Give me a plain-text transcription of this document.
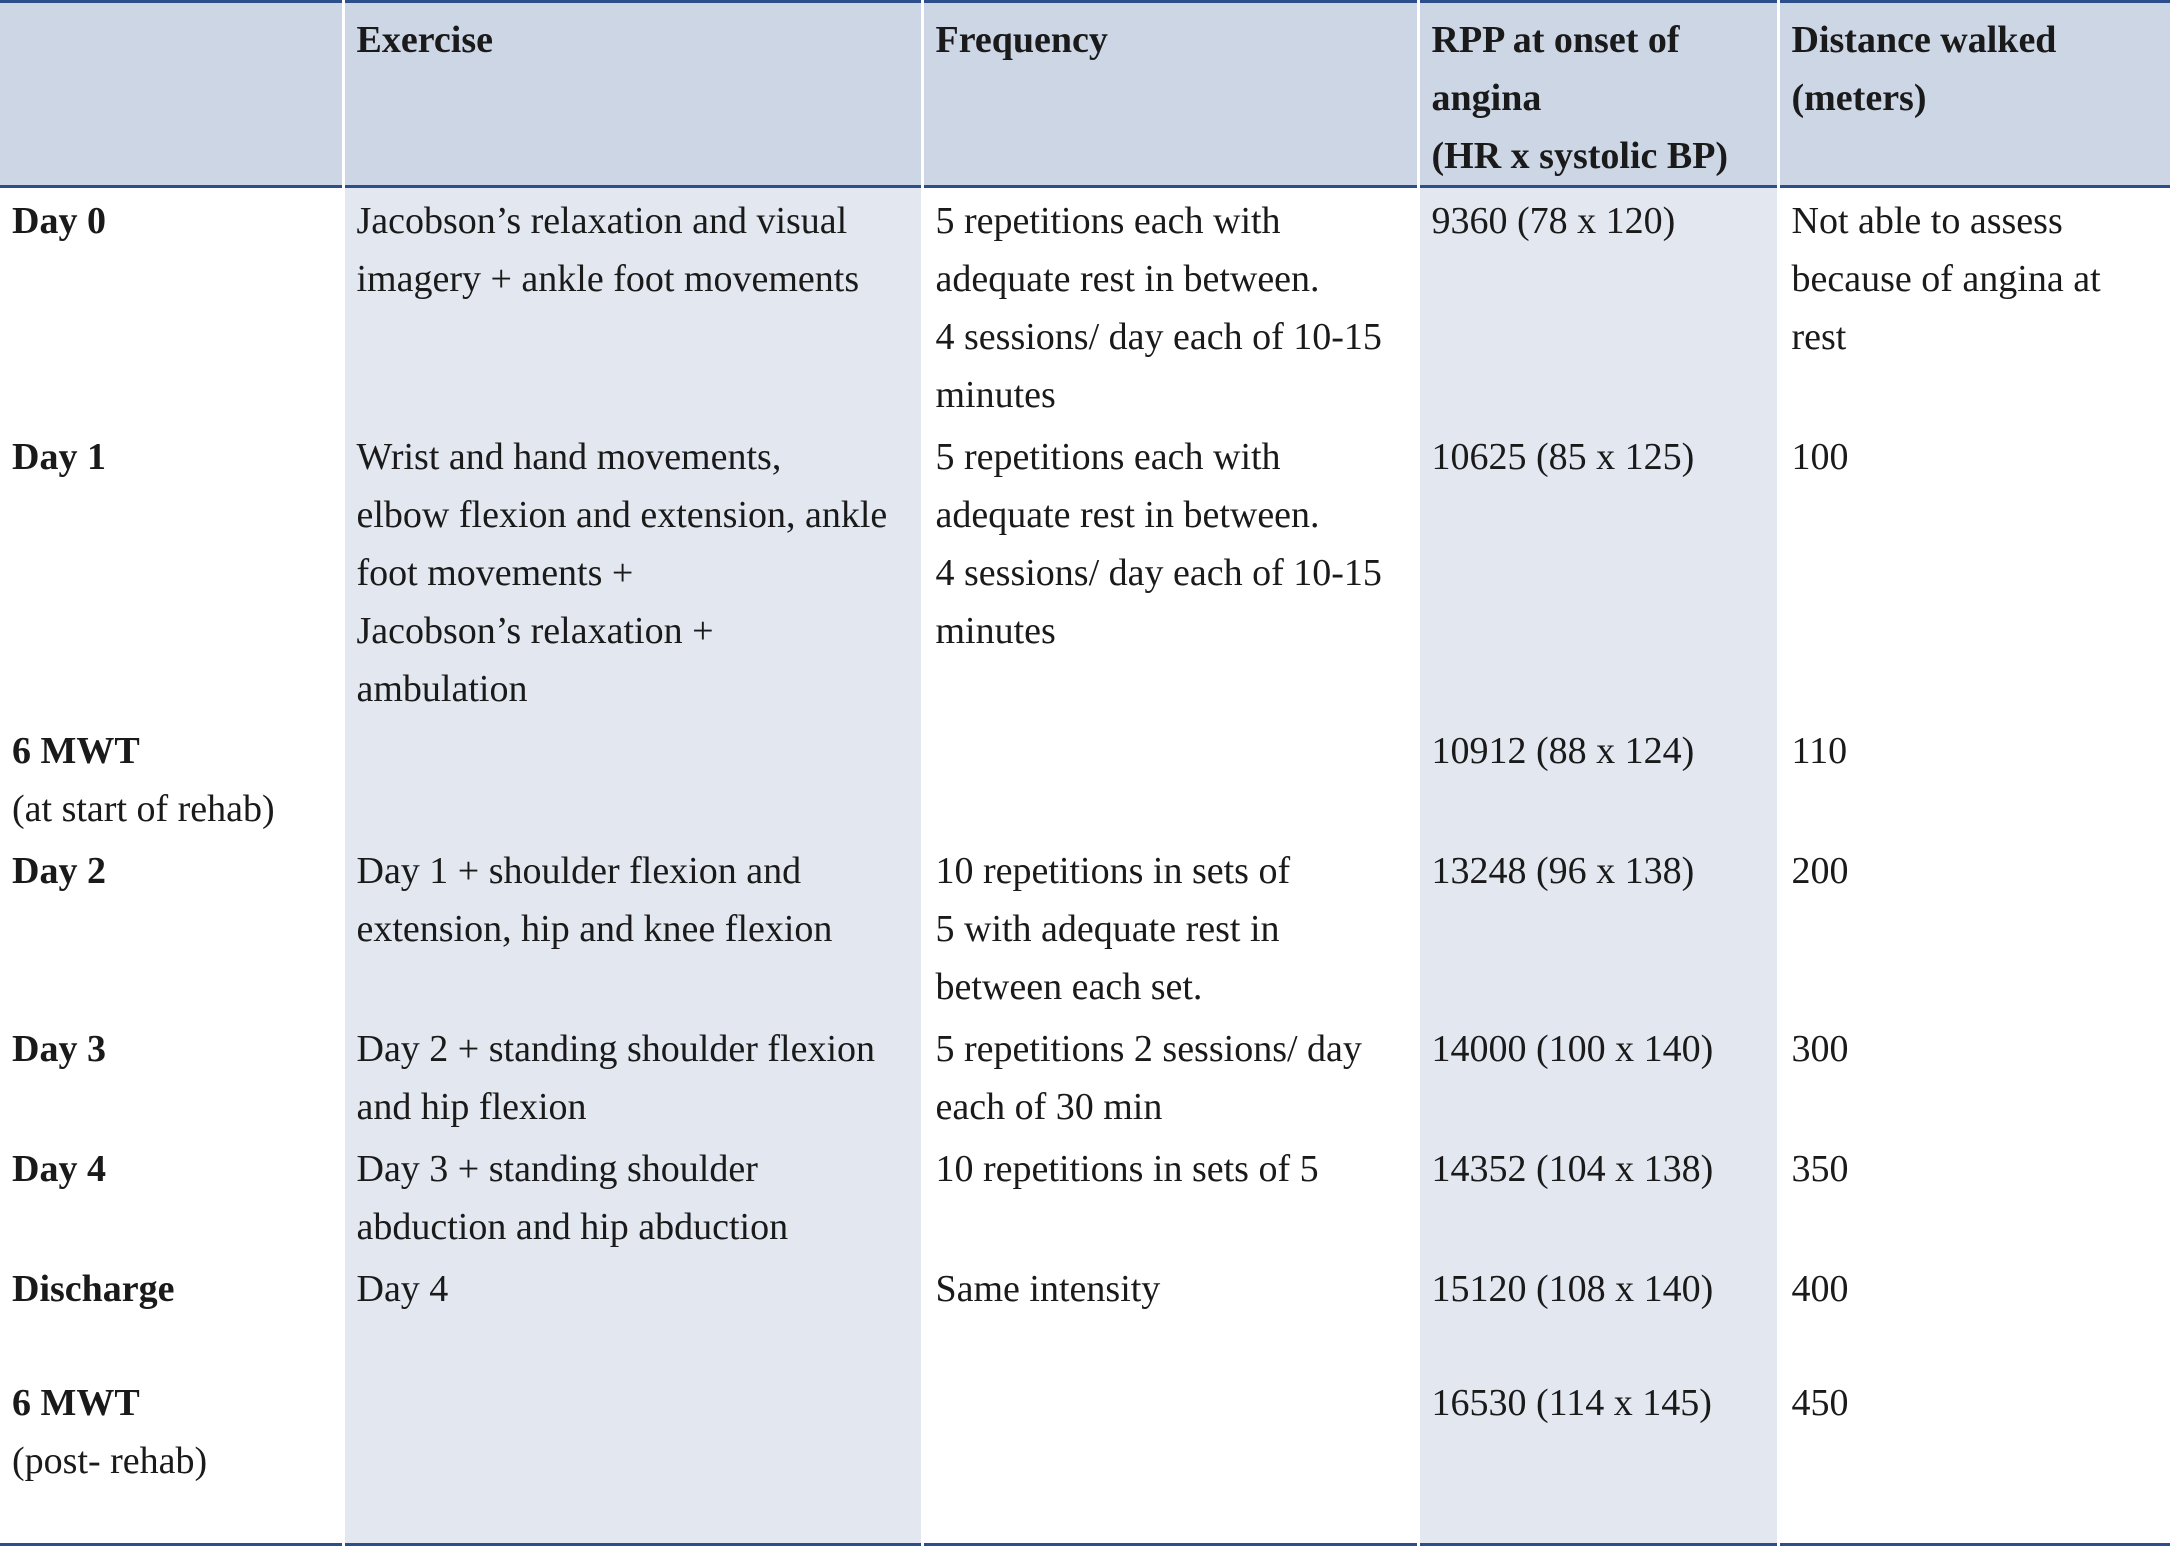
	Exercise	Frequency	RPP at onset of
angina
(HR x systolic BP)	Distance walked
(meters)

Day 0	Jacobson’s relaxation and visual
imagery + ankle foot movements	5 repetitions each with
adequate rest in between.
4 sessions/ day each of 10-15
minutes	9360 (78 x 120)	Not able to assess
because of angina at
rest

Day 1	Wrist and hand movements,
elbow flexion and extension, ankle
foot movements +
Jacobson’s relaxation +
ambulation	5 repetitions each with
adequate rest in between.
4 sessions/ day each of 10-15
minutes	10625 (85 x 125)	100

6 MWT
(at start of rehab)			10912 (88 x 124)	110

Day 2	Day 1 + shoulder flexion and
extension, hip and knee flexion	10 repetitions in sets of
5 with adequate rest in
between each set.	13248 (96 x 138)	200

Day 3	Day 2 + standing shoulder flexion
and hip flexion	5 repetitions 2 sessions/ day
each of 30 min	14000 (100 x 140)	300

Day 4	Day 3 + standing shoulder
abduction and hip abduction	10 repetitions in sets of 5	14352 (104 x 138)	350

Discharge	Day 4	Same intensity	15120 (108 x 140)	400

6 MWT
(post- rehab)			16530 (114 x 145)	450
